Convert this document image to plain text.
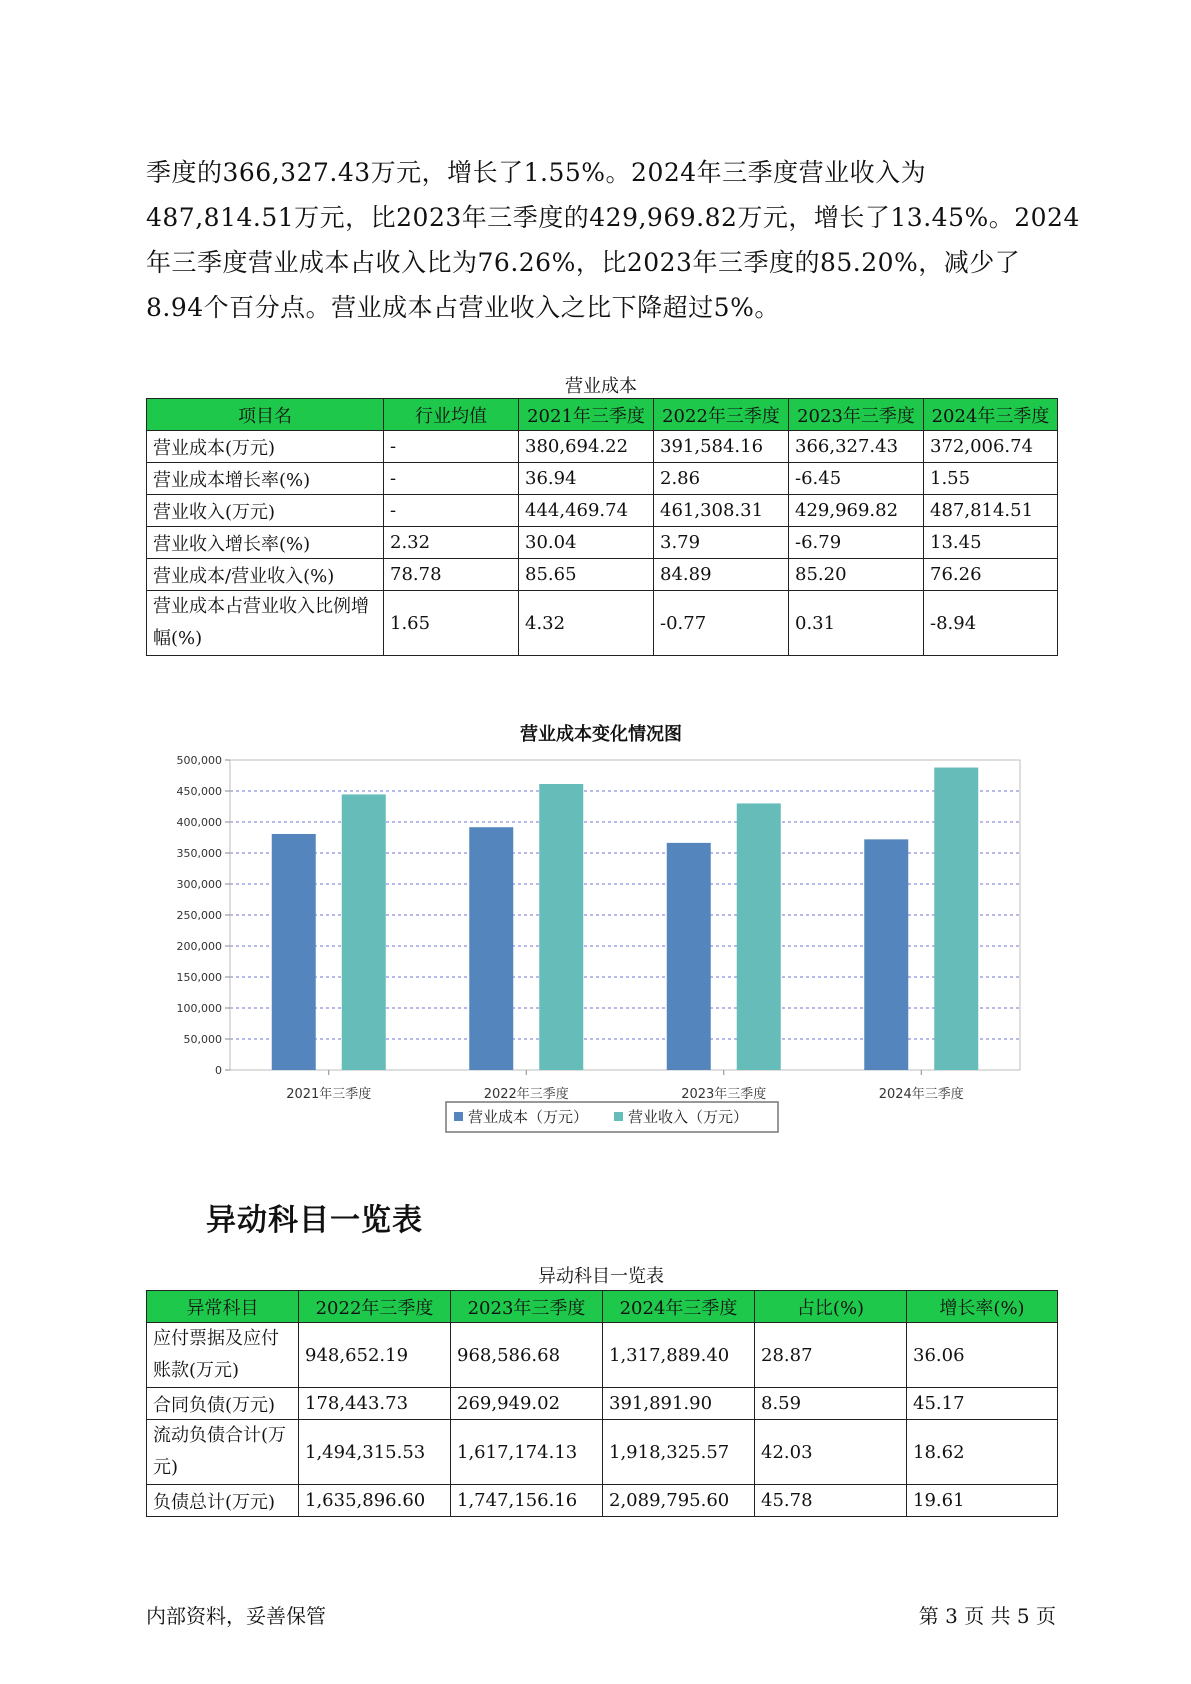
季度的366,327.43万元，增长了1.55%。2024年三季度营业收入为

487,814.51万元，比2023年三季度的429,969.82万元，增长了13.45%。2024

年三季度营业成本占收入比为76.26%，比2023年三季度的85.20%，减少了

8.94个百分点。营业成本占营业收入之比下降超过5%。

营业成本
项目名	行业均值	2021年三季度	2022年三季度	2023年三季度	2024年三季度
营业成本(万元)	-	380,694.22	391,584.16	366,327.43	372,006.74
营业成本增长率(%)	-	36.94	2.86	-6.45	1.55
营业收入(万元)	-	444,469.74	461,308.31	429,969.82	487,814.51
营业收入增长率(%)	2.32	30.04	3.79	-6.79	13.45
营业成本/营业收入(%)	78.78	85.65	84.89	85.20	76.26
营业成本占营业收入比例增幅(%)	1.65	4.32	-0.77	0.31	-8.94
营业成本变化情况图
0
50,000
100,000
150,000
200,000
250,000
300,000
350,000
400,000
450,000
500,000
2021年三季度	2022年三季度	2023年三季度	2024年三季度
营业成本（万元）	营业收入（万元）
异动科目一览表
异动科目一览表
异常科目	2022年三季度	2023年三季度	2024年三季度	占比(%)	增长率(%)
应付票据及应付账款(万元)	948,652.19	968,586.68	1,317,889.40	28.87	36.06
合同负债(万元)	178,443.73	269,949.02	391,891.90	8.59	45.17
流动负债合计(万元)	1,494,315.53	1,617,174.13	1,918,325.57	42.03	18.62
负债总计(万元)	1,635,896.60	1,747,156.16	2,089,795.60	45.78	19.61
内部资料，妥善保管	第 3 页 共 5 页
